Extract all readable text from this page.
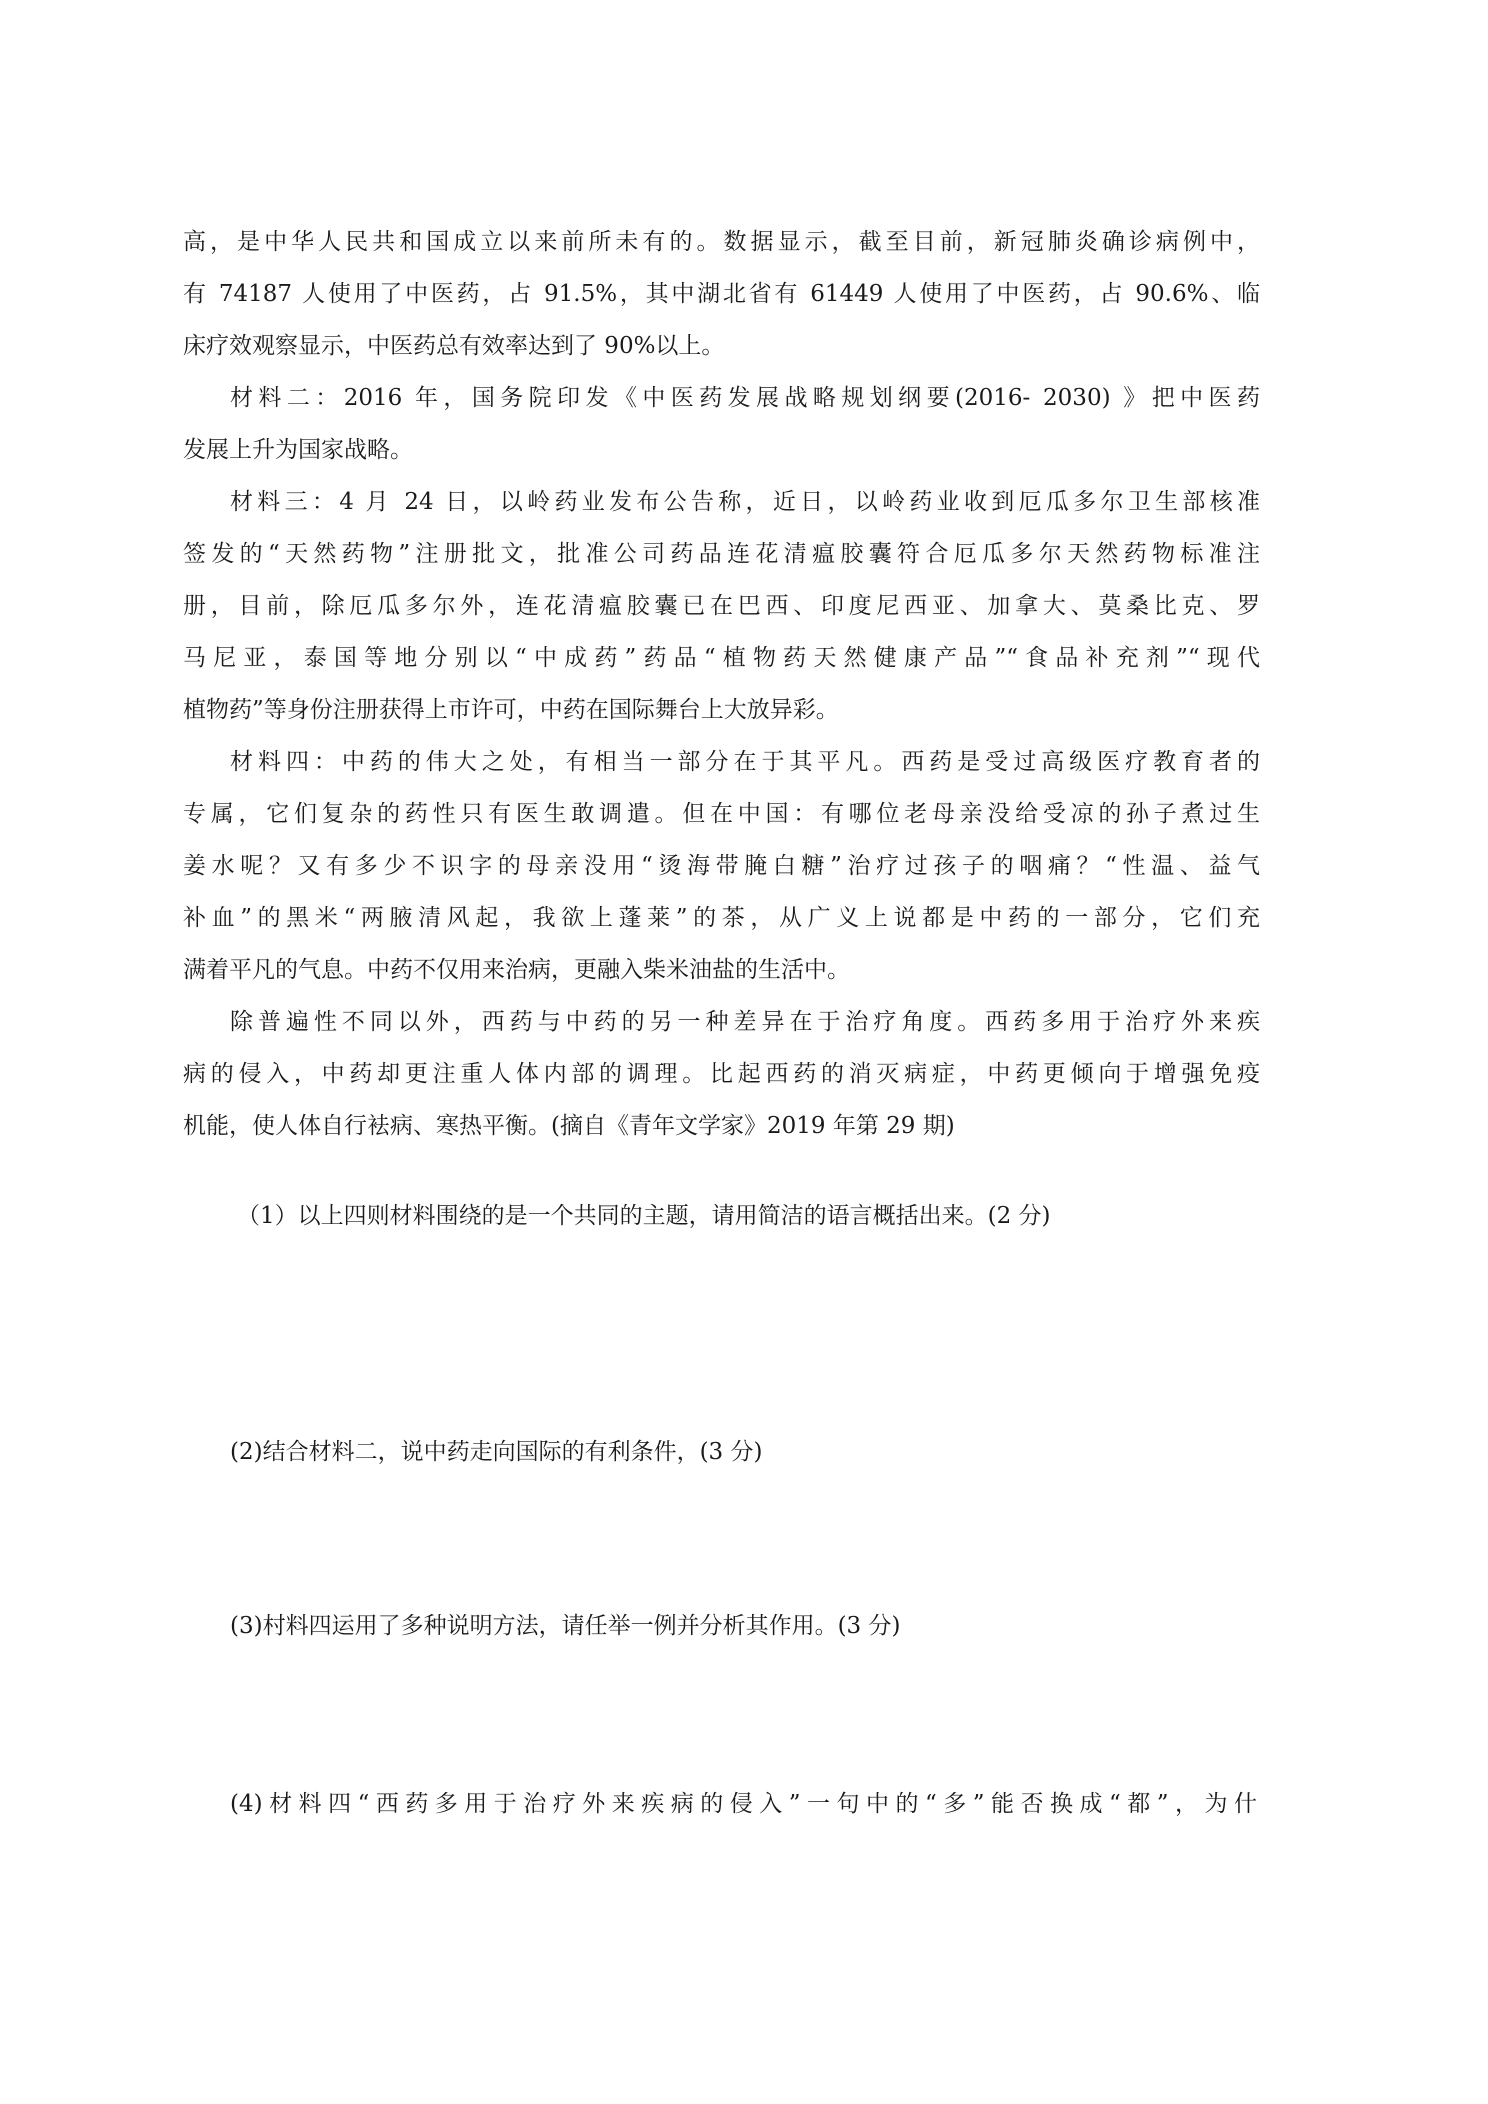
高，是中华人民共和国成立以来前所未有的。数据显示，截至目前，新冠肺炎确诊病例中，
有 74187 人使用了中医药，占 91.5%，其中湖北省有 61449 人使用了中医药，占 90.6%、临
床疗效观察显示，中医药总有效率达到了 90%以上。
材料二：2016 年，国务院印发《中医药发展战略规划纲要(2016- 2030) 》把中医药
发展上升为国家战略。
材料三：4 月 24 日，以岭药业发布公告称，近日，以岭药业收到厄瓜多尔卫生部核准
签发的“天然药物”注册批文，批准公司药品连花清瘟胶囊符合厄瓜多尔天然药物标准注
册，目前，除厄瓜多尔外，连花清瘟胶囊已在巴西、印度尼西亚、加拿大、莫桑比克、罗
马尼亚，泰国等地分别以“中成药”药品“植物药天然健康产品”“食品补充剂”“现代
植物药”等身份注册获得上市许可，中药在国际舞台上大放异彩。
材料四：中药的伟大之处，有相当一部分在于其平凡。西药是受过高级医疗教育者的
专属，它们复杂的药性只有医生敢调遣。但在中国：有哪位老母亲没给受凉的孙子煮过生
姜水呢？又有多少不识字的母亲没用“烫海带腌白糖”治疗过孩子的咽痛？“性温、益气
补血”的黑米“两腋清风起，我欲上蓬莱”的茶，从广义上说都是中药的一部分，它们充
满着平凡的气息。中药不仅用来治病，更融入柴米油盐的生活中。
除普遍性不同以外，西药与中药的另一种差异在于治疗角度。西药多用于治疗外来疾
病的侵入，中药却更注重人体内部的调理。比起西药的消灭病症，中药更倾向于增强免疫
机能，使人体自行袪病、寒热平衡。(摘自《青年文学家》2019 年第 29 期)
（1）以上四则材料围绕的是一个共同的主题，请用简洁的语言概括出来。(2 分)
(2)结合材料二，说中药走向国际的有利条件，(3 分)
(3)村料四运用了多种说明方法，请任举一例并分析其作用。(3 分)
(4)材料四“西药多用于治疗外来疾病的侵入”一句中的“多”能否换成“都”，为什
